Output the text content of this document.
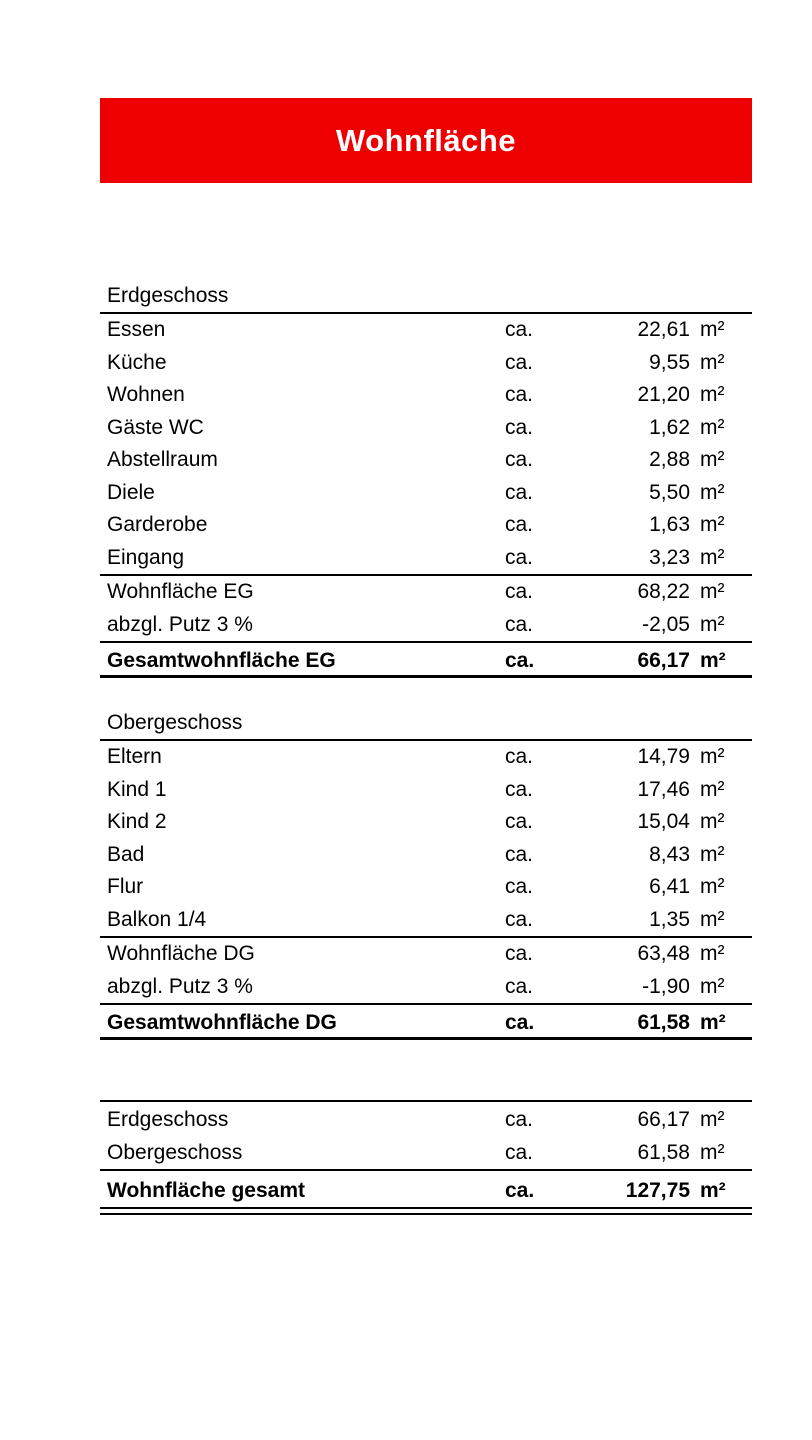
Wohnfläche
Erdgeschoss
Essen	ca.	22,61 m²
Küche	ca.	9,55 m²
Wohnen	ca.	21,20 m²
Gäste WC	ca.	1,62 m²
Abstellraum	ca.	2,88 m²
Diele	ca.	5,50 m²
Garderobe	ca.	1,63 m²
Eingang	ca.	3,23 m²
Wohnfläche EG	ca.	68,22 m²
abzgl. Putz 3 %	ca.	-2,05 m²
Gesamtwohnfläche EG	ca.	66,17 m²
Obergeschoss
Eltern	ca.	14,79 m²
Kind 1	ca.	17,46 m²
Kind 2	ca.	15,04 m²
Bad	ca.	8,43 m²
Flur	ca.	6,41 m²
Balkon 1/4	ca.	1,35 m²
Wohnfläche DG	ca.	63,48 m²
abzgl. Putz 3 %	ca.	-1,90 m²
Gesamtwohnfläche DG	ca.	61,58 m²
Erdgeschoss	ca.	66,17 m²
Obergeschoss	ca.	61,58 m²
Wohnfläche gesamt	ca.	127,75 m²
